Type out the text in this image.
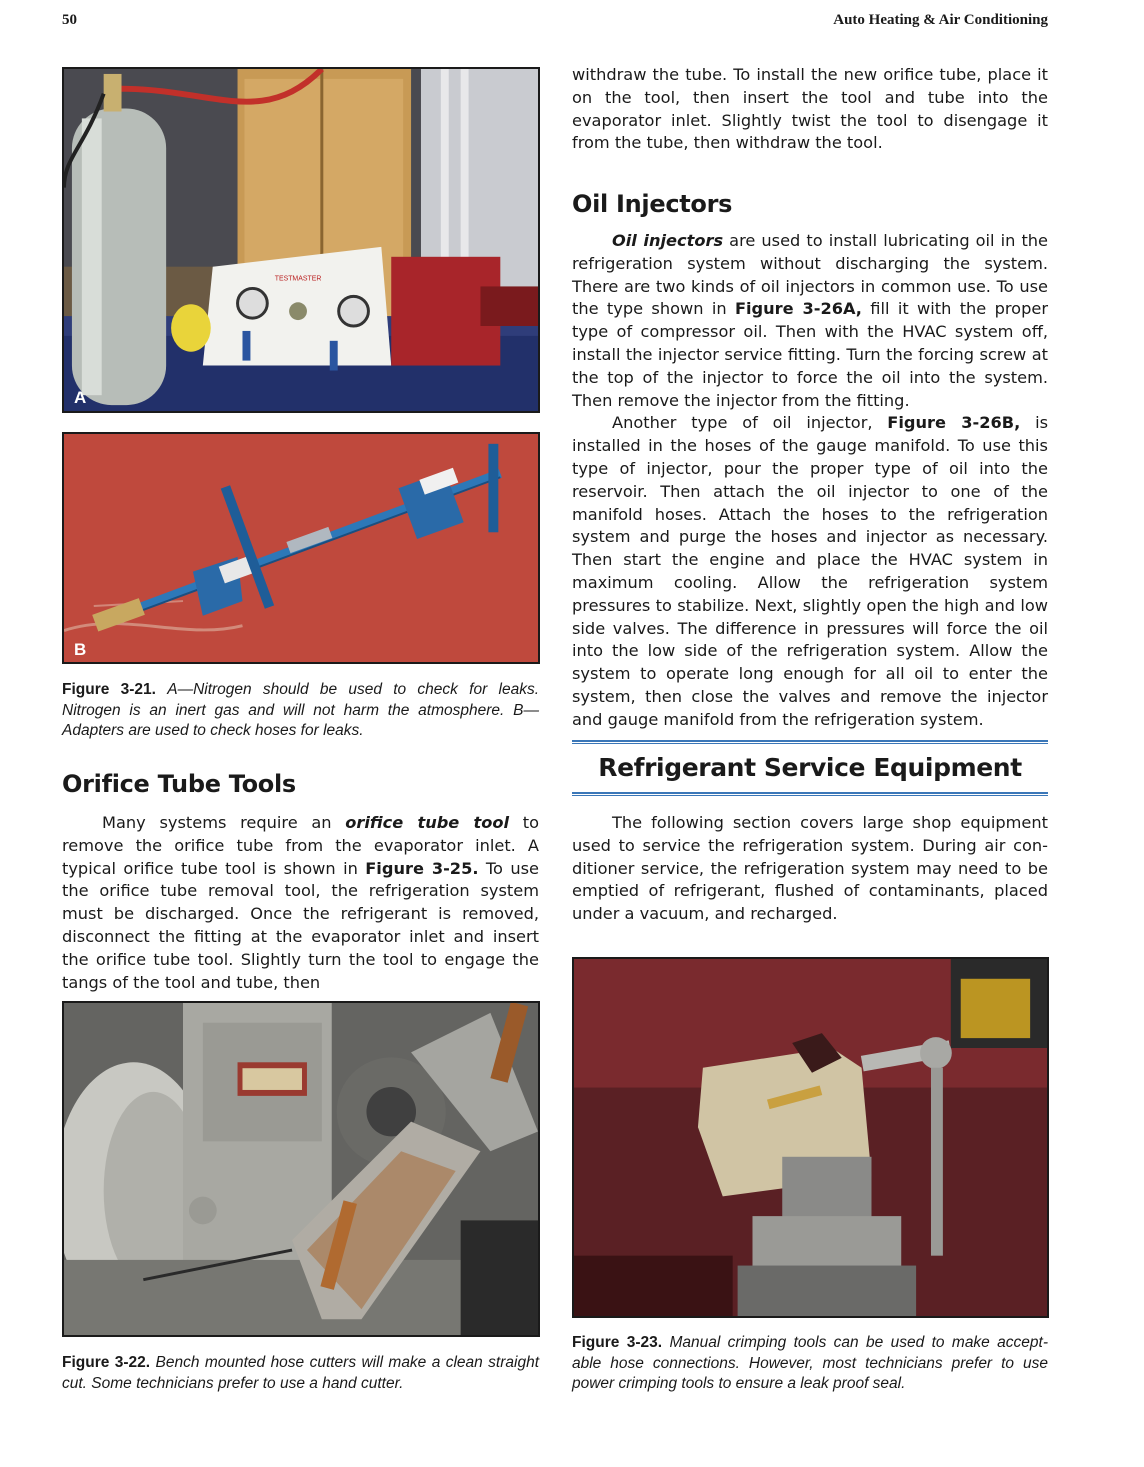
50	Auto Heating & Air Conditioning
TESTMASTER
A
B
Figure 3-21. A—Nitrogen should be used to check for leaks. Nitrogen is an inert gas and will not harm the atmosphere. B—Adapters are used to check hoses for leaks.
Orifice Tube Tools

Many systems require an orifice tube tool to remove the orifice tube from the evaporator inlet. A typical orifice tube tool is shown in Figure 3-25. To use the orifice tube removal tool, the refrigeration system must be discharged. Once the refrigerant is removed, disconnect the fitting at the evaporator inlet and insert the orifice tube tool. Slightly turn the tool to engage the tangs of the tool and tube, then

Figure 3-22. Bench mounted hose cutters will make a clean straight cut. Some technicians prefer to use a hand cutter.

withdraw the tube. To install the new orifice tube, place it on the tool, then insert the tool and tube into the evaporator inlet. Slightly twist the tool to disengage it from the tube, then withdraw the tool.

Oil Injectors

Oil injectors are used to install lubricating oil in the refrigeration system without discharging the system. There are two kinds of oil injectors in common use. To use the type shown in Figure 3-26A, fill it with the proper type of compressor oil. Then with the HVAC system off, install the injector service fitting. Turn the forcing screw at the top of the injector to force the oil into the system. Then remove the injector from the fitting.

Another type of oil injector, Figure 3-26B, is installed in the hoses of the gauge manifold. To use this type of injector, pour the proper type of oil into the reservoir. Then attach the oil injector to one of the manifold hoses. Attach the hoses to the refrigeration system and purge the hoses and injector as necessary. Then start the engine and place the HVAC system in maximum cooling. Allow the refrigeration system pressures to stabilize. Next, slightly open the high and low side valves. The difference in pressures will force the oil into the low side of the refrigeration system. Allow the system to operate long enough for all oil to enter the system, then close the valves and remove the injector and gauge manifold from the refrigeration system.

Refrigerant Service Equipment

The following section covers large shop equipment used to service the refrigeration system. During air con- ditioner service, the refrigeration system may need to be emptied of refrigerant, flushed of contaminants, placed under a vacuum, and recharged.

Figure 3-23. Manual crimping tools can be used to make accept- able hose connections. However, most technicians prefer to use power crimping tools to ensure a leak proof seal.
